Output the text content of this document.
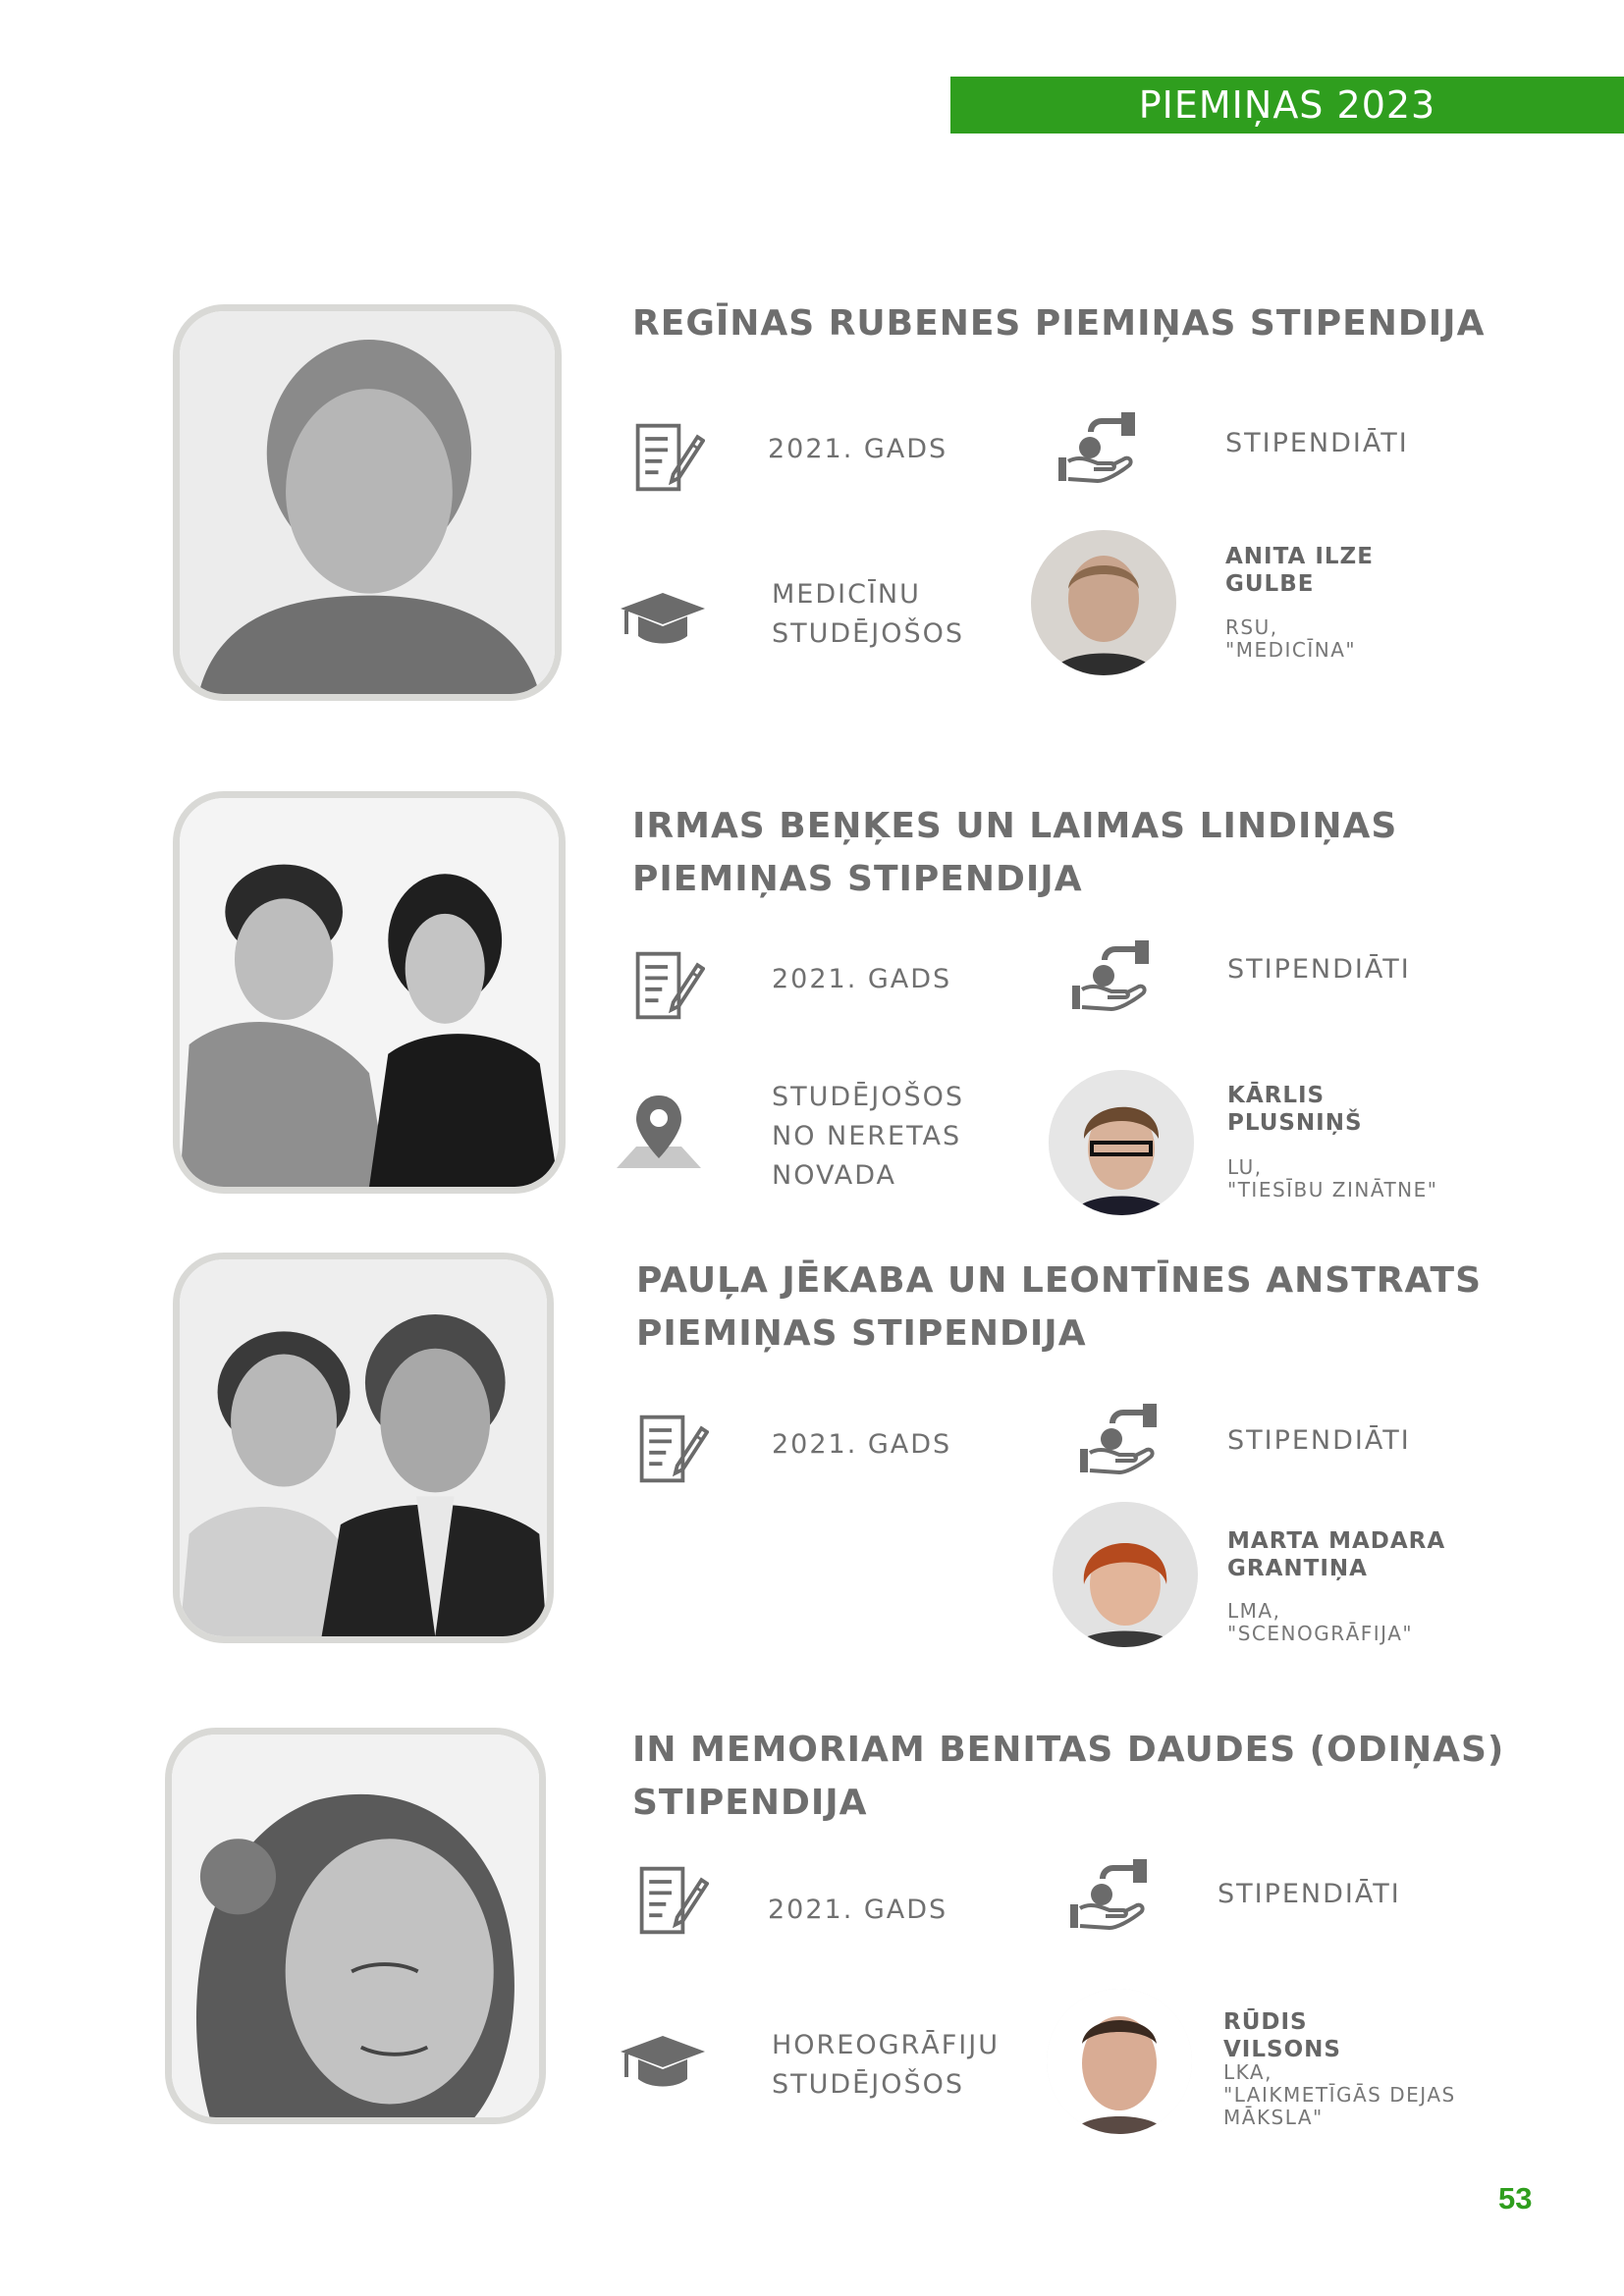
PIEMIŅAS 2023
REGĪNAS RUBENES PIEMIŅAS STIPENDIJA
2021. GADS	STIPENDIĀTI
MEDICĪNU
STUDĒJOŠOS
ANITA ILZE
GULBE
RSU,
"MEDICĪNA"
IRMAS BEŅĶES UN LAIMAS LINDIŅAS
PIEMIŅAS STIPENDIJA
2021. GADS	STIPENDIĀTI
STUDĒJOŠOS
NO NERETAS
NOVADA
KĀRLIS
PLUSNIŅŠ
LU,
"TIESĪBU ZINĀTNE"
PAUĻA JĒKABA UN LEONTĪNES ANSTRATS
PIEMIŅAS STIPENDIJA
2021. GADS	STIPENDIĀTI
MARTA MADARA
GRANTIŅA
LMA,
"SCENOGRĀFIJA"
IN MEMORIAM BENITAS DAUDES (ODIŅAS)
STIPENDIJA
2021. GADS
STIPENDIĀTI
HOREOGRĀFIJU
STUDĒJOŠOS
RŪDIS
VILSONS
LKA,
"LAIKMETĪGĀS DEJAS
MĀKSLA"
53
